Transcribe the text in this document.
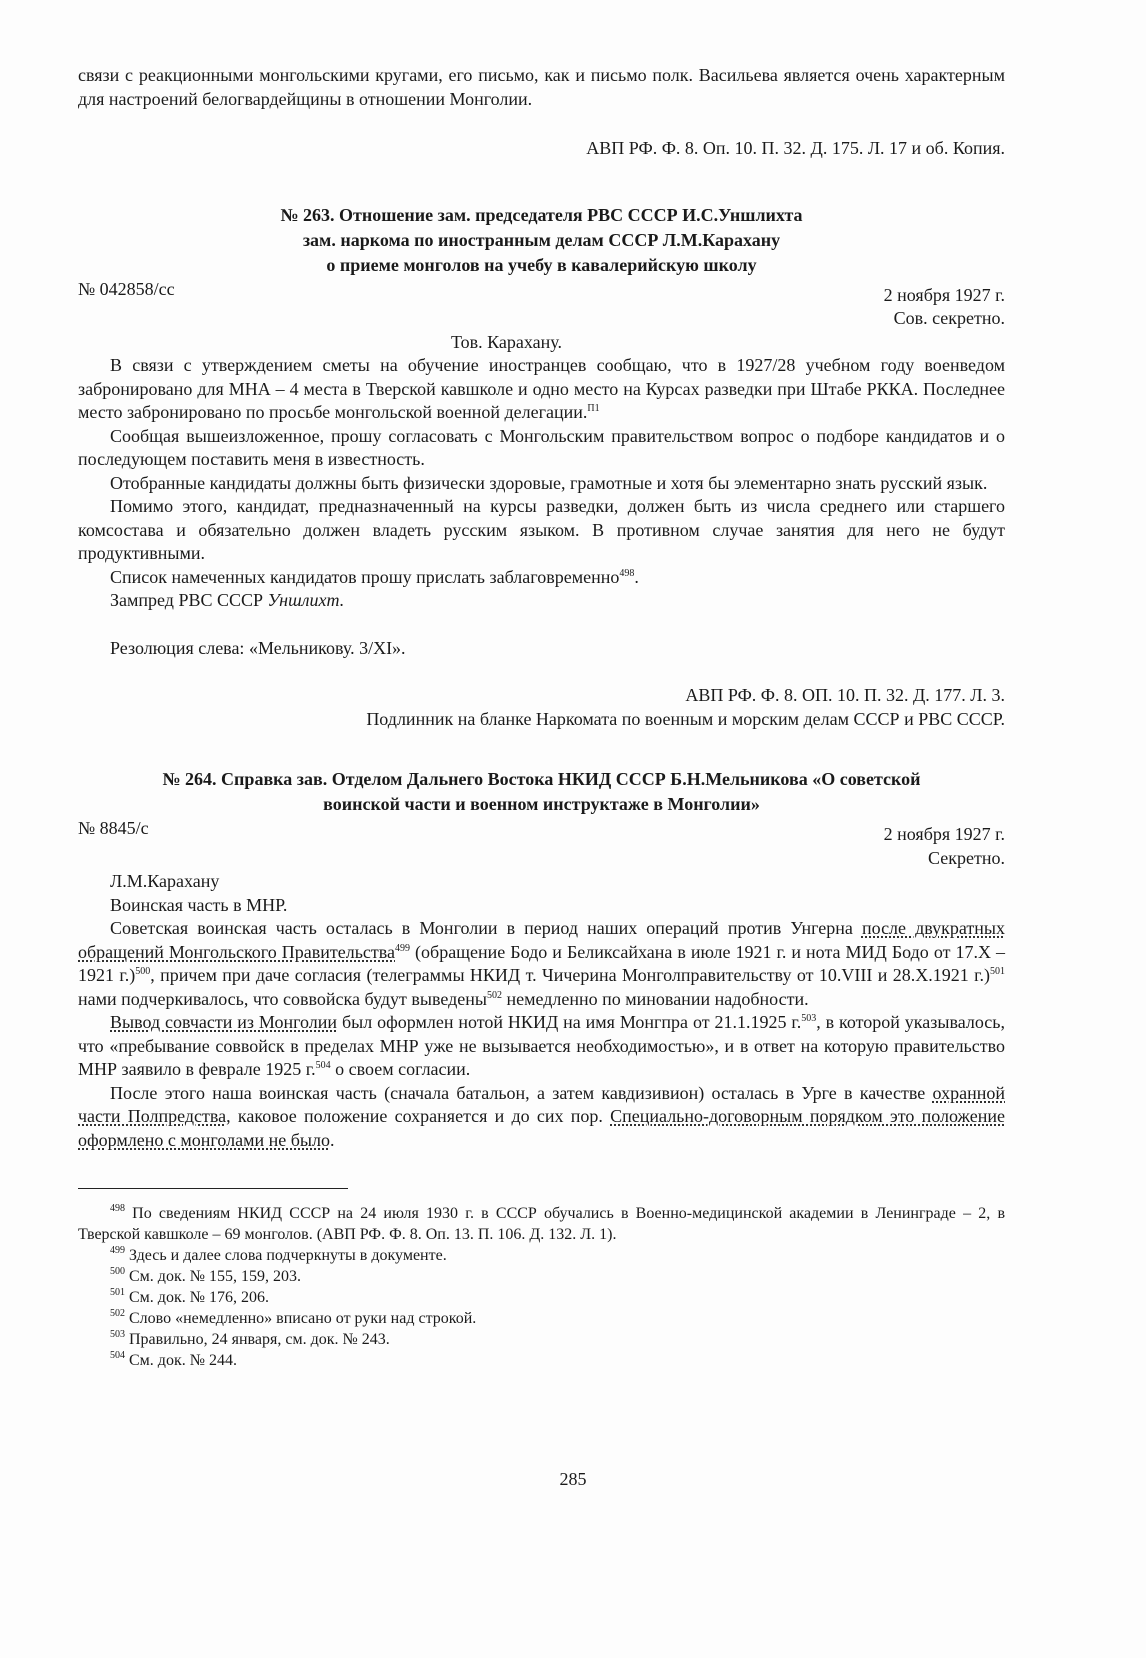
связи с реакционными монгольскими кругами, его письмо, как и письмо полк. Васильева является очень характерным для настроений белогвардейщины в отношении Монголии.

АВП РФ. Ф. 8. Оп. 10. П. 32. Д. 175. Л. 17 и об. Копия.

№ 263. Отношение зам. председателя РВС СССР И.С.Уншлихта
зам. наркома по иностранным делам СССР Л.М.Карахану
о приеме монголов на учебу в кавалерийскую школу
№ 042858/сс	2 ноября 1927 г.

Сов. секретно.

Тов. Карахану.

В связи с утверждением сметы на обучение иностранцев сообщаю, что в 1927/28 учебном году военведом забронировано для МНА – 4 места в Тверской кавшколе и одно место на Курсах разведки при Штабе РККА. Последнее место забронировано по просьбе монгольской военной делегации.$^{П1}$

Сообщая вышеизложенное, прошу согласовать с Монгольским правительством вопрос о подборе кандидатов и о последующем поставить меня в известность.

Отобранные кандидаты должны быть физически здоровые, грамотные и хотя бы элементарно знать русский язык.

Помимо этого, кандидат, предназначенный на курсы разведки, должен быть из числа среднего или старшего комсостава и обязательно должен владеть русским языком. В противном случае занятия для него не будут продуктивными.

Список намеченных кандидатов прошу прислать заблаговременно$^{498}$.

Зампред РВС СССР Уншлихт.

Резолюция слева: «Мельникову. 3/XI».

АВП РФ. Ф. 8. ОП. 10. П. 32. Д. 177. Л. 3.

Подлинник на бланке Наркомата по военным и морским делам СССР и РВС СССР.

№ 264. Справка зав. Отделом Дальнего Востока НКИД СССР Б.Н.Мельникова «О советской
воинской части и военном инструктаже в Монголии»
№ 8845/с	2 ноября 1927 г.

Секретно.

Л.М.Карахану

Воинская часть в МНР.

Советская воинская часть осталась в Монголии в период наших операций против Унгерна после двукратных обращений Монгольского Правительства$^{499}$ (обращение Бодо и Беликсайхана в июле 1921 г. и нота МИД Бодо от 17.X – 1921 г.)$^{500}$, причем при даче согласия (телеграммы НКИД т. Чичерина Монголправительству от 10.VIII и 28.X.1921 г.)$^{501}$ нами подчеркивалось, что соввойска будут выведены$^{502}$ немедленно по миновании надобности.

Вывод совчасти из Монголии был оформлен нотой НКИД на имя Монгпра от 21.1.1925 г.$^{503}$, в которой указывалось, что «пребывание соввойск в пределах МНР уже не вызывается необходимостью», и в ответ на которую правительство МНР заявило в феврале 1925 г.$^{504}$ о своем согласии.

После этого наша воинская часть (сначала батальон, а затем кавдизивион) осталась в Урге в качестве охранной части Полпредства, каковое положение сохраняется и до сих пор. Специально-договорным порядком это положение оформлено с монголами не было.

$^{498}$ По сведениям НКИД СССР на 24 июля 1930 г. в СССР обучались в Военно-медицинской академии в Ленинграде – 2, в Тверской кавшколе – 69 монголов. (АВП РФ. Ф. 8. Оп. 13. П. 106. Д. 132. Л. 1).

$^{499}$ Здесь и далее слова подчеркнуты в документе.

$^{500}$ См. док. № 155, 159, 203.

$^{501}$ См. док. № 176, 206.

$^{502}$ Слово «немедленно» вписано от руки над строкой.

$^{503}$ Правильно, 24 января, см. док. № 243.

$^{504}$ См. док. № 244.

285
